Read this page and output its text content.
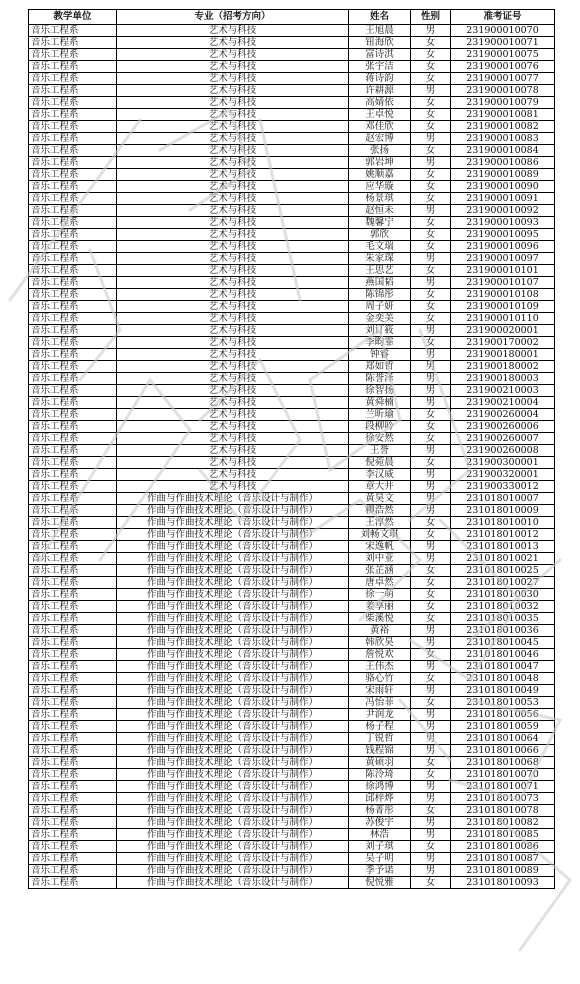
教学单位	专业（招考方向）	姓名	性别	准考证号
音乐工程系	艺术与科技	王旭晨	男	231900010070
音乐工程系	艺术与科技	钮海欣	女	231900010071
音乐工程系	艺术与科技	富诗淇	女	231900010075
音乐工程系	艺术与科技	张宇洁	女	231900010076
音乐工程系	艺术与科技	蒋诗韵	女	231900010077
音乐工程系	艺术与科技	许耕源	男	231900010078
音乐工程系	艺术与科技	高婧依	女	231900010079
音乐工程系	艺术与科技	王卓悦	女	231900010081
音乐工程系	艺术与科技	邓佳欣	女	231900010082
音乐工程系	艺术与科技	赵宏博	男	231900010083
音乐工程系	艺术与科技	张扬	女	231900010084
音乐工程系	艺术与科技	郭岩坤	男	231900010086
音乐工程系	艺术与科技	姚顺嘉	女	231900010089
音乐工程系	艺术与科技	应华璇	女	231900010090
音乐工程系	艺术与科技	杨景琪	女	231900010091
音乐工程系	艺术与科技	赵恒未	男	231900010092
音乐工程系	艺术与科技	魏馨宁	女	231900010093
音乐工程系	艺术与科技	郭欣	女	231900010095
音乐工程系	艺术与科技	毛文瑞	女	231900010096
音乐工程系	艺术与科技	朱家琛	男	231900010097
音乐工程系	艺术与科技	王思艺	女	231900010101
音乐工程系	艺术与科技	燕国韬	男	231900010107
音乐工程系	艺术与科技	陈锦彤	女	231900010108
音乐工程系	艺术与科技	周子妍	女	231900010109
音乐工程系	艺术与科技	金奕美	女	231900010110
音乐工程系	艺术与科技	刘订筱	男	231900020001
音乐工程系	艺术与科技	李畇霏	女	231900170002
音乐工程系	艺术与科技	钟睿	男	231900180001
音乐工程系	艺术与科技	郑如哲	男	231900180002
音乐工程系	艺术与科技	陈誉泽	男	231900180003
音乐工程系	艺术与科技	徐智扬	男	231900210003
音乐工程系	艺术与科技	黄舜楠	男	231900210004
音乐工程系	艺术与科技	兰昕瑜	女	231900260004
音乐工程系	艺术与科技	段柳吟	女	231900260006
音乐工程系	艺术与科技	徐安然	女	231900260007
音乐工程系	艺术与科技	王誉	男	231900260008
音乐工程系	艺术与科技	倪菀晨	女	231900300001
音乐工程系	艺术与科技	李汉威	男	231900320001
音乐工程系	艺术与科技	章大井	男	231900330012
音乐工程系	作曲与作曲技术理论（音乐设计与制作）	黄昊文	男	231018010007
音乐工程系	作曲与作曲技术理论（音乐设计与制作）	柳浩然	男	231018010009
音乐工程系	作曲与作曲技术理论（音乐设计与制作）	王淳然	女	231018010010
音乐工程系	作曲与作曲技术理论（音乐设计与制作）	刘畅文琪	女	231018010012
音乐工程系	作曲与作曲技术理论（音乐设计与制作）	宋逸帆	男	231018010013
音乐工程系	作曲与作曲技术理论（音乐设计与制作）	刘中亚	男	231018010021
音乐工程系	作曲与作曲技术理论（音乐设计与制作）	张芷涵	女	231018010025
音乐工程系	作曲与作曲技术理论（音乐设计与制作）	唐卓然	女	231018010027
音乐工程系	作曲与作曲技术理论（音乐设计与制作）	徐一萌	女	231018010030
音乐工程系	作曲与作曲技术理论（音乐设计与制作）	姜享丽	女	231018010032
音乐工程系	作曲与作曲技术理论（音乐设计与制作）	柴溪悦	女	231018010035
音乐工程系	作曲与作曲技术理论（音乐设计与制作）	黄裕	男	231018010036
音乐工程系	作曲与作曲技术理论（音乐设计与制作）	韩欣昊	男	231018010045
音乐工程系	作曲与作曲技术理论（音乐设计与制作）	詹悦欢	女	231018010046
音乐工程系	作曲与作曲技术理论（音乐设计与制作）	王伟杰	男	231018010047
音乐工程系	作曲与作曲技术理论（音乐设计与制作）	骆心竹	女	231018010048
音乐工程系	作曲与作曲技术理论（音乐设计与制作）	宋雨轩	男	231018010049
音乐工程系	作曲与作曲技术理论（音乐设计与制作）	冯怡菲	女	231018010053
音乐工程系	作曲与作曲技术理论（音乐设计与制作）	尹润龙	男	231018010056
音乐工程系	作曲与作曲技术理论（音乐设计与制作）	杨子程	男	231018010059
音乐工程系	作曲与作曲技术理论（音乐设计与制作）	丁锐哲	男	231018010064
音乐工程系	作曲与作曲技术理论（音乐设计与制作）	钱程锦	男	231018010066
音乐工程系	作曲与作曲技术理论（音乐设计与制作）	黄硕羽	女	231018010068
音乐工程系	作曲与作曲技术理论（音乐设计与制作）	陈泠琦	女	231018010070
音乐工程系	作曲与作曲技术理论（音乐设计与制作）	徐鸿博	男	231018010071
音乐工程系	作曲与作曲技术理论（音乐设计与制作）	邱梓烨	男	231018010073
音乐工程系	作曲与作曲技术理论（音乐设计与制作）	杨菁彤	女	231018010078
音乐工程系	作曲与作曲技术理论（音乐设计与制作）	苏俊宇	男	231018010082
音乐工程系	作曲与作曲技术理论（音乐设计与制作）	林浩	男	231018010085
音乐工程系	作曲与作曲技术理论（音乐设计与制作）	刘子琪	女	231018010086
音乐工程系	作曲与作曲技术理论（音乐设计与制作）	吴子明	男	231018010087
音乐工程系	作曲与作曲技术理论（音乐设计与制作）	季予诺	男	231018010089
音乐工程系	作曲与作曲技术理论（音乐设计与制作）	倪悦雅	女	231018010093
